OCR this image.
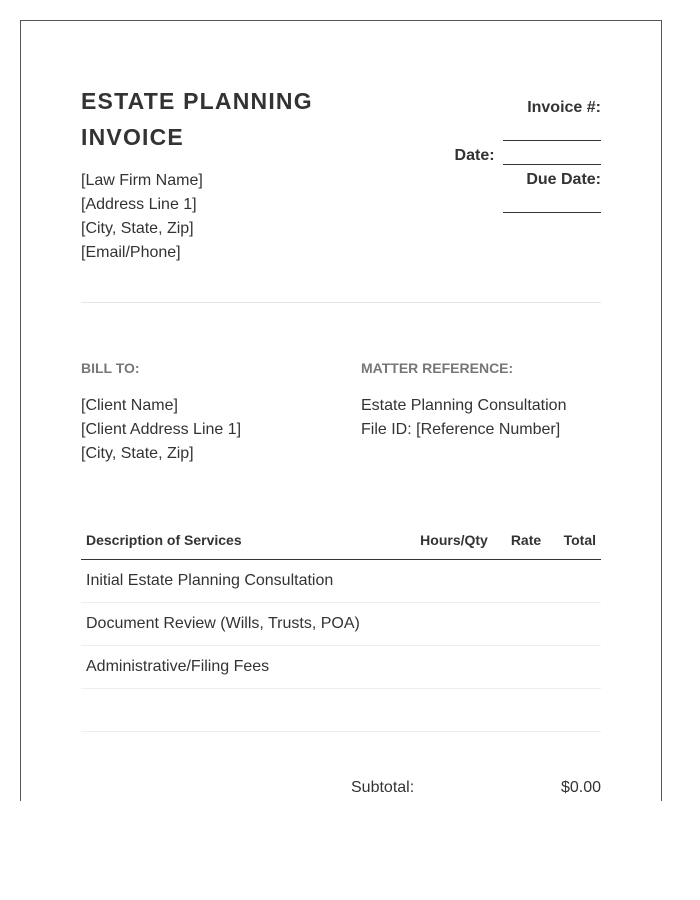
ESTATE PLANNING INVOICE
[Law Firm Name]
[Address Line 1]
[City, State, Zip]
[Email/Phone]
Invoice #:
Date:
Due Date:
BILL TO:
[Client Name]
[Client Address Line 1]
[City, State, Zip]
MATTER REFERENCE:
Estate Planning Consultation
File ID: [Reference Number]
Description of Services	Hours/Qty	Rate	Total
Initial Estate Planning Consultation			
Document Review (Wills, Trusts, POA)			
Administrative/Filing Fees			

Subtotal:	$0.00
